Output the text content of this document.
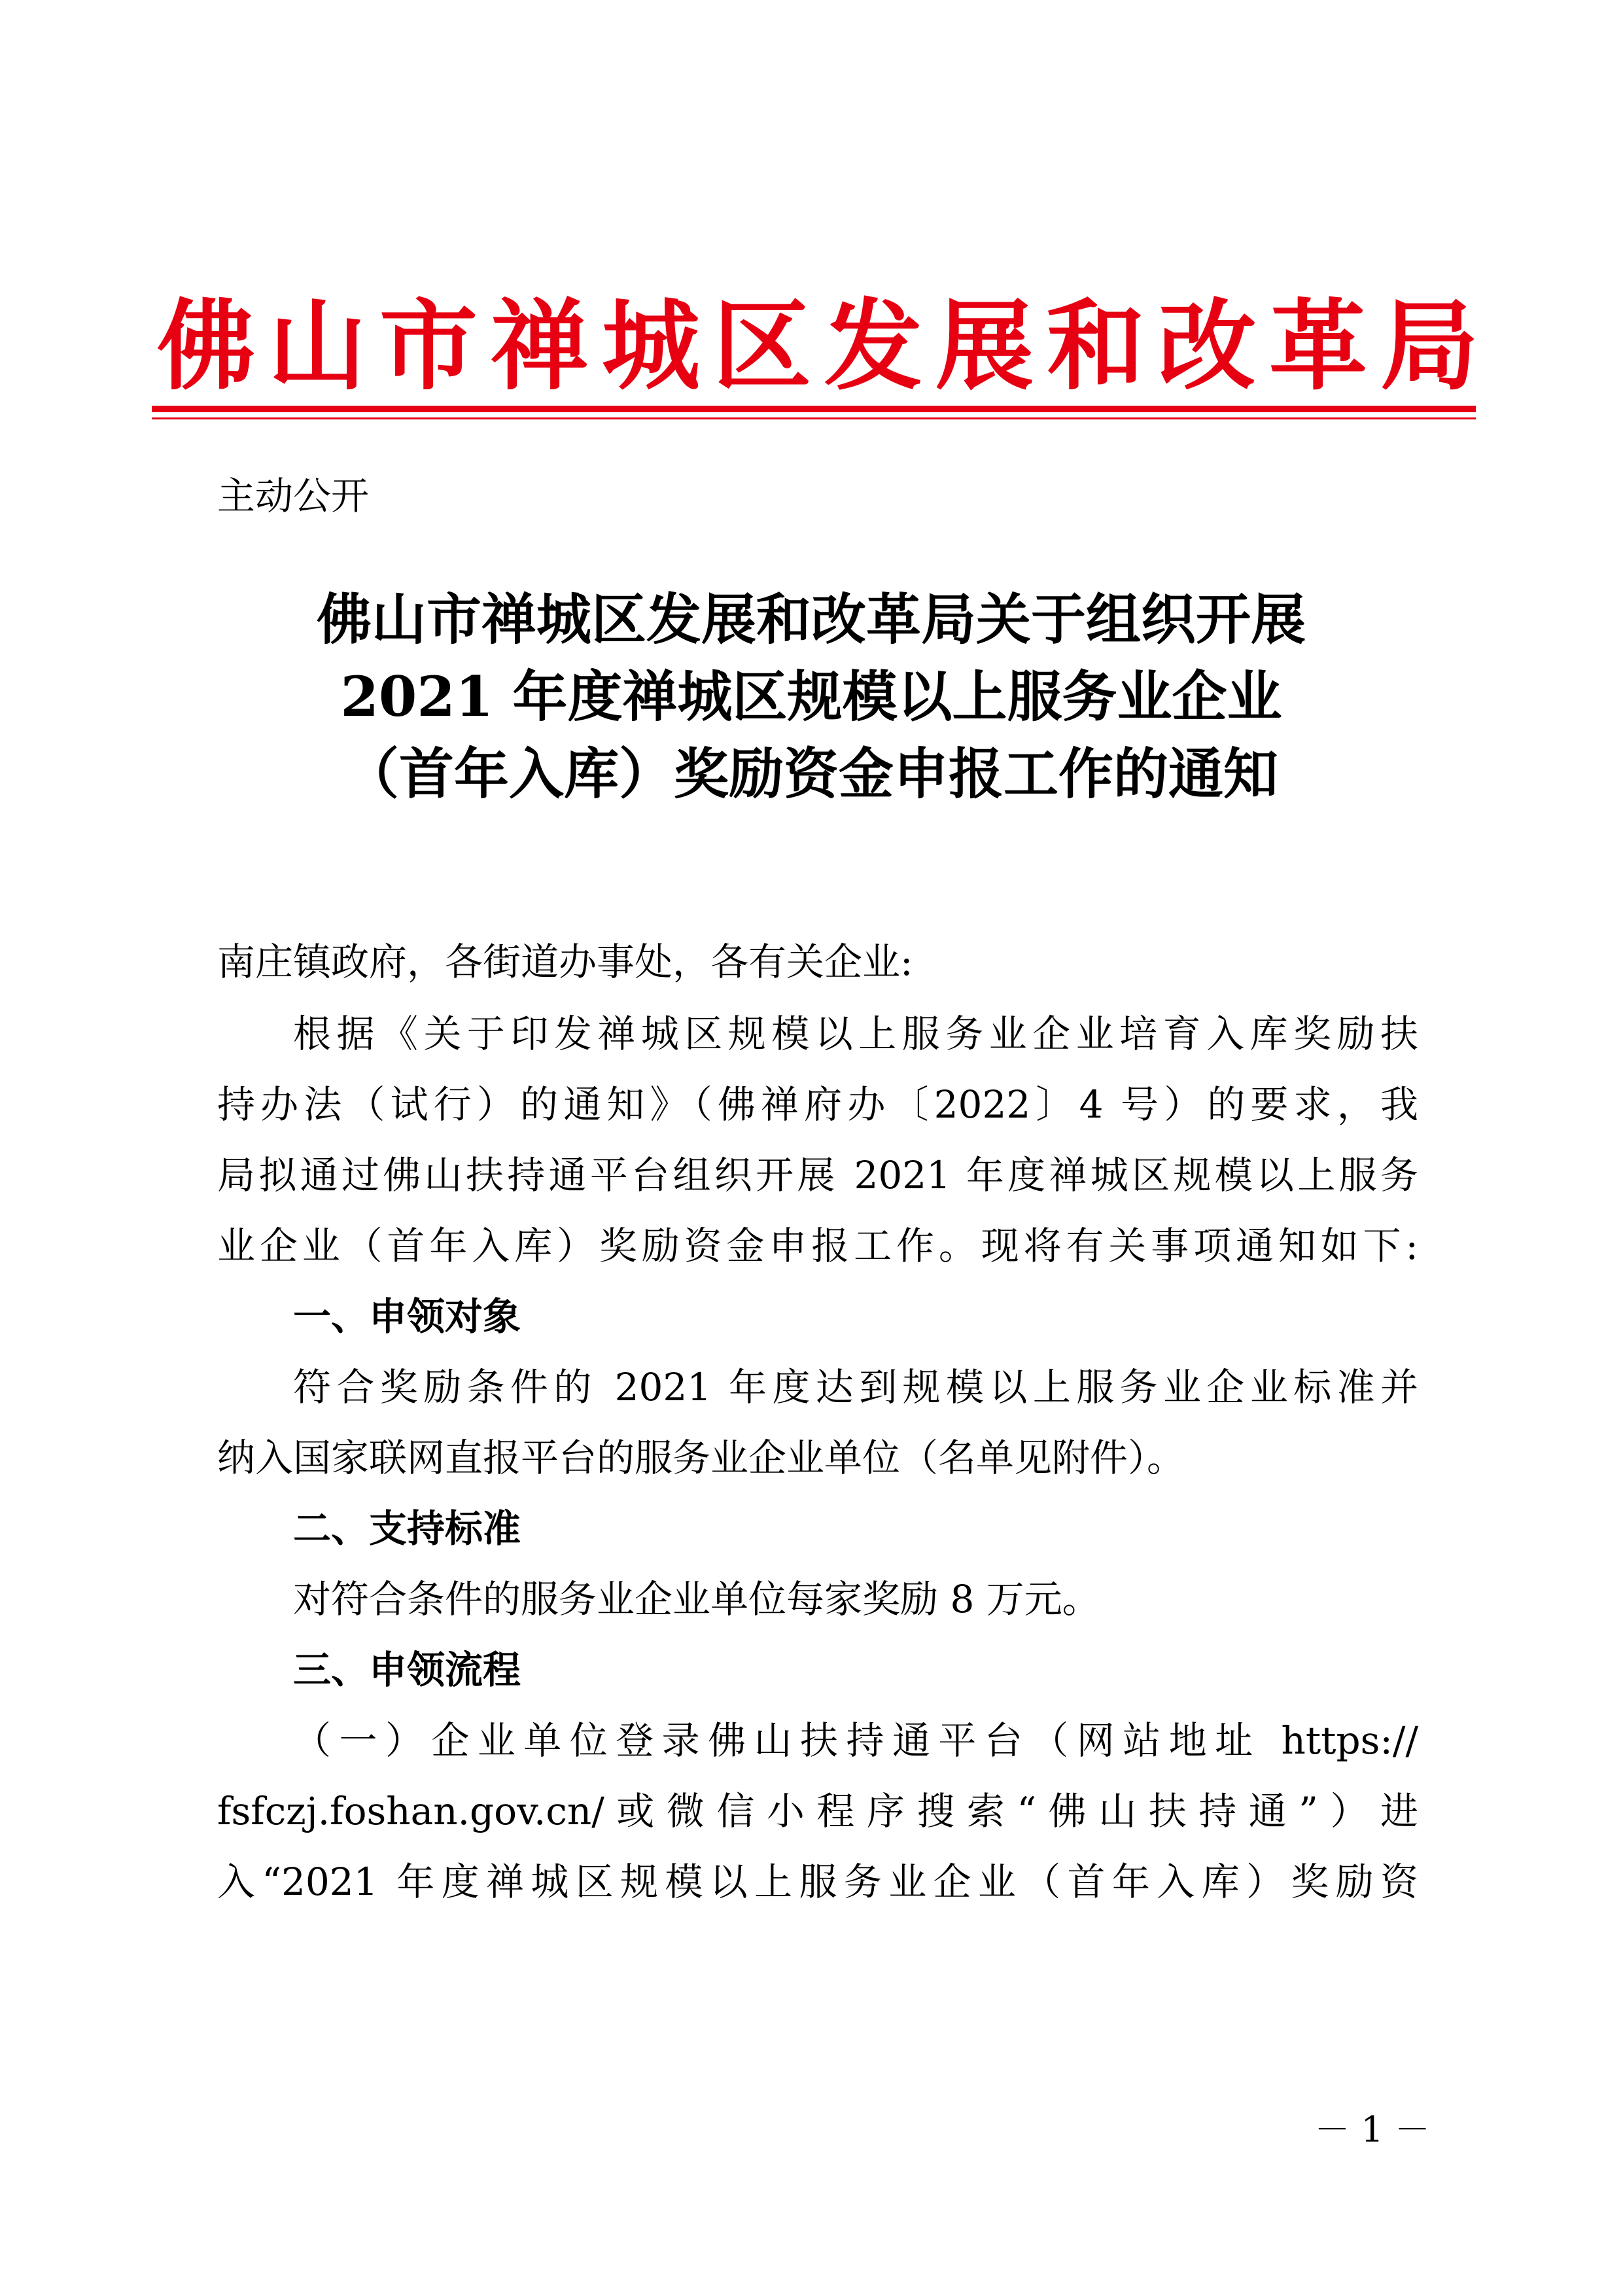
佛山市禅城区发展和改革局
主动公开
佛山市禅城区发展和改革局关于组织开展
2021 年度禅城区规模以上服务业企业
（首年入库）奖励资金申报工作的通知
南庄镇政府，各街道办事处，各有关企业:
根据《关于印发禅城区规模以上服务业企业培育入库奖励扶
持办法（试行）的通知》（佛禅府办〔2022〕4 号）的要求，我
局拟通过佛山扶持通平台组织开展 2021 年度禅城区规模以上服务
业企业（首年入库）奖励资金申报工作。现将有关事项通知如下:
一、申领对象
符合奖励条件的 2021 年度达到规模以上服务业企业标准并
纳入国家联网直报平台的服务业企业单位（名单见附件）。
二、支持标准
对符合条件的服务业企业单位每家奖励 8 万元。
三、申领流程
（一）企业单位登录佛山扶持通平台（网站地址 https://
fsfczj.foshan.gov.cn/或微信小程序搜索“佛山扶持通”）进
入“2021 年度禅城区规模以上服务业企业（首年入库）奖励资
－ 1 －
